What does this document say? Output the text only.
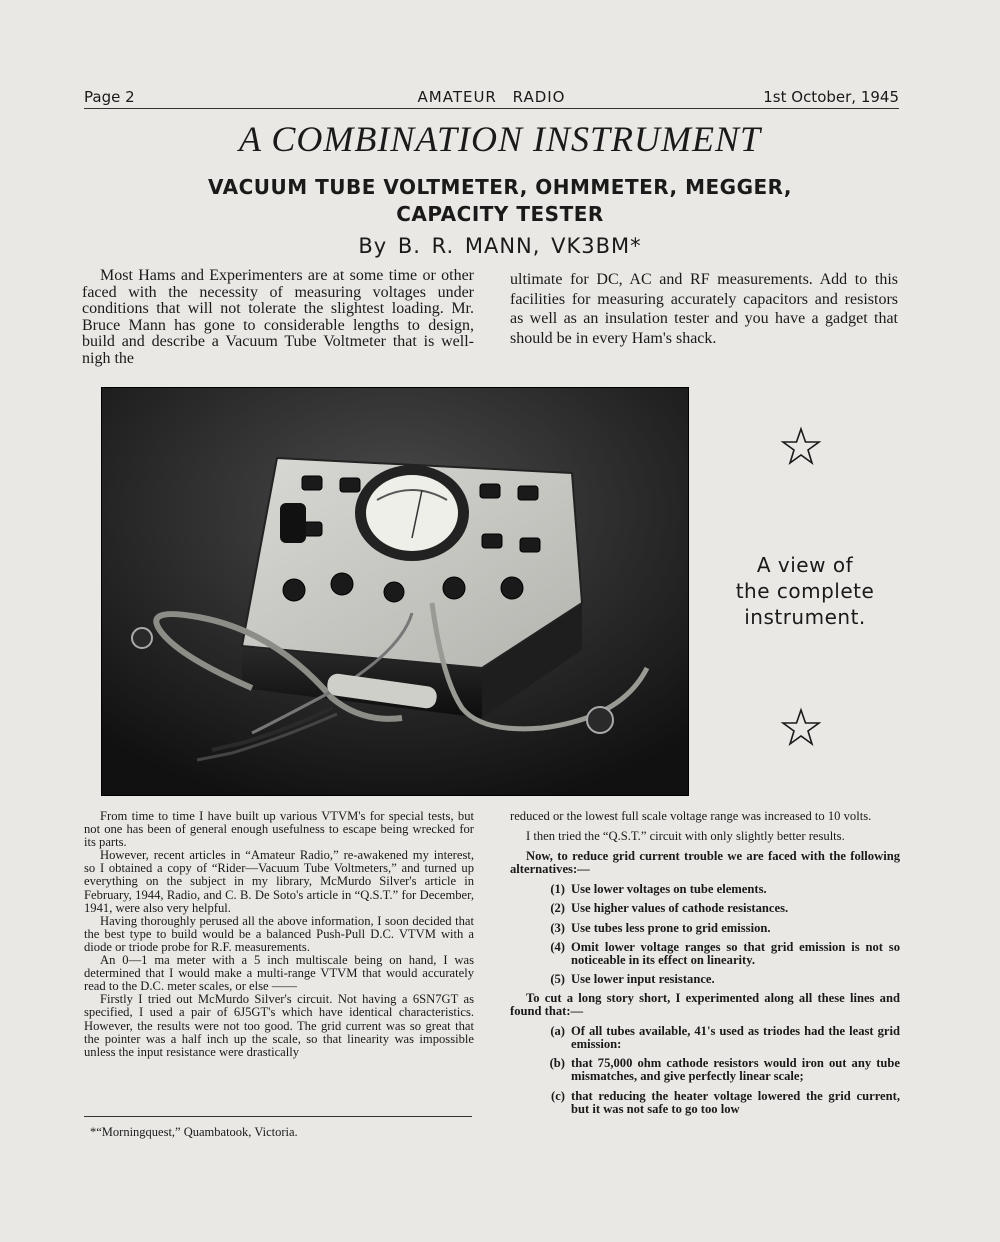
Page 2	AMATEUR RADIO	1st October, 1945
A COMBINATION INSTRUMENT
VACUUM TUBE VOLTMETER, OHMMETER, MEGGER,
CAPACITY TESTER
By B. R. MANN, VK3BM*
Most Hams and Experimenters are at some time or other faced with the necessity of measuring voltages under conditions that will not tolerate the slightest loading. Mr. Bruce Mann has gone to considerable lengths to design, build and describe a Vacuum Tube Voltmeter that is well-nigh the
ultimate for DC, AC and RF measurements. Add to this facilities for measuring accurately capacitors and resistors as well as an insulation tester and you have a gadget that should be in every Ham's shack.
A view of
the complete
instrument.

From time to time I have built up various VTVM's for special tests, but not one has been of general enough usefulness to escape being wrecked for its parts.

However, recent articles in “Amateur Radio,” re-awakened my interest, so I obtained a copy of “Rider—Vacuum Tube Voltmeters,” and turned up everything on the subject in my library, McMurdo Silver's article in February, 1944, Radio, and C. B. De Soto's article in “Q.S.T.” for December, 1941, were also very helpful.

Having thoroughly perused all the above information, I soon decided that the best type to build would be a balanced Push-Pull D.C. VTVM with a diode or triode probe for R.F. measurements.

An 0—1 ma meter with a 5 inch multiscale being on hand, I was determined that I would make a multi-range VTVM that would accurately read to the D.C. meter scales, or else ——

Firstly I tried out McMurdo Silver's circuit. Not having a 6SN7GT as specified, I used a pair of 6J5GT's which have identical characteristics. However, the results were not too good. The grid current was so great that the pointer was a half inch up the scale, so that linearity was impossible unless the input resistance were drastically

*“Morningquest,” Quambatook, Victoria.

reduced or the lowest full scale voltage range was increased to 10 volts.

I then tried the “Q.S.T.” circuit with only slightly better results.

Now, to reduce grid current trouble we are faced with the following alternatives:—

(1) Use lower voltages on tube elements.
(2) Use higher values of cathode resistances.
(3) Use tubes less prone to grid emission.
(4) Omit lower voltage ranges so that grid emission is not so noticeable in its effect on linearity.
(5) Use lower input resistance.

To cut a long story short, I experimented along all these lines and found that:—

(a) Of all tubes available, 41's used as triodes had the least grid emission:
(b) that 75,000 ohm cathode resistors would iron out any tube mismatches, and give perfectly linear scale;
(c) that reducing the heater voltage lowered the grid current, but it was not safe to go too low
